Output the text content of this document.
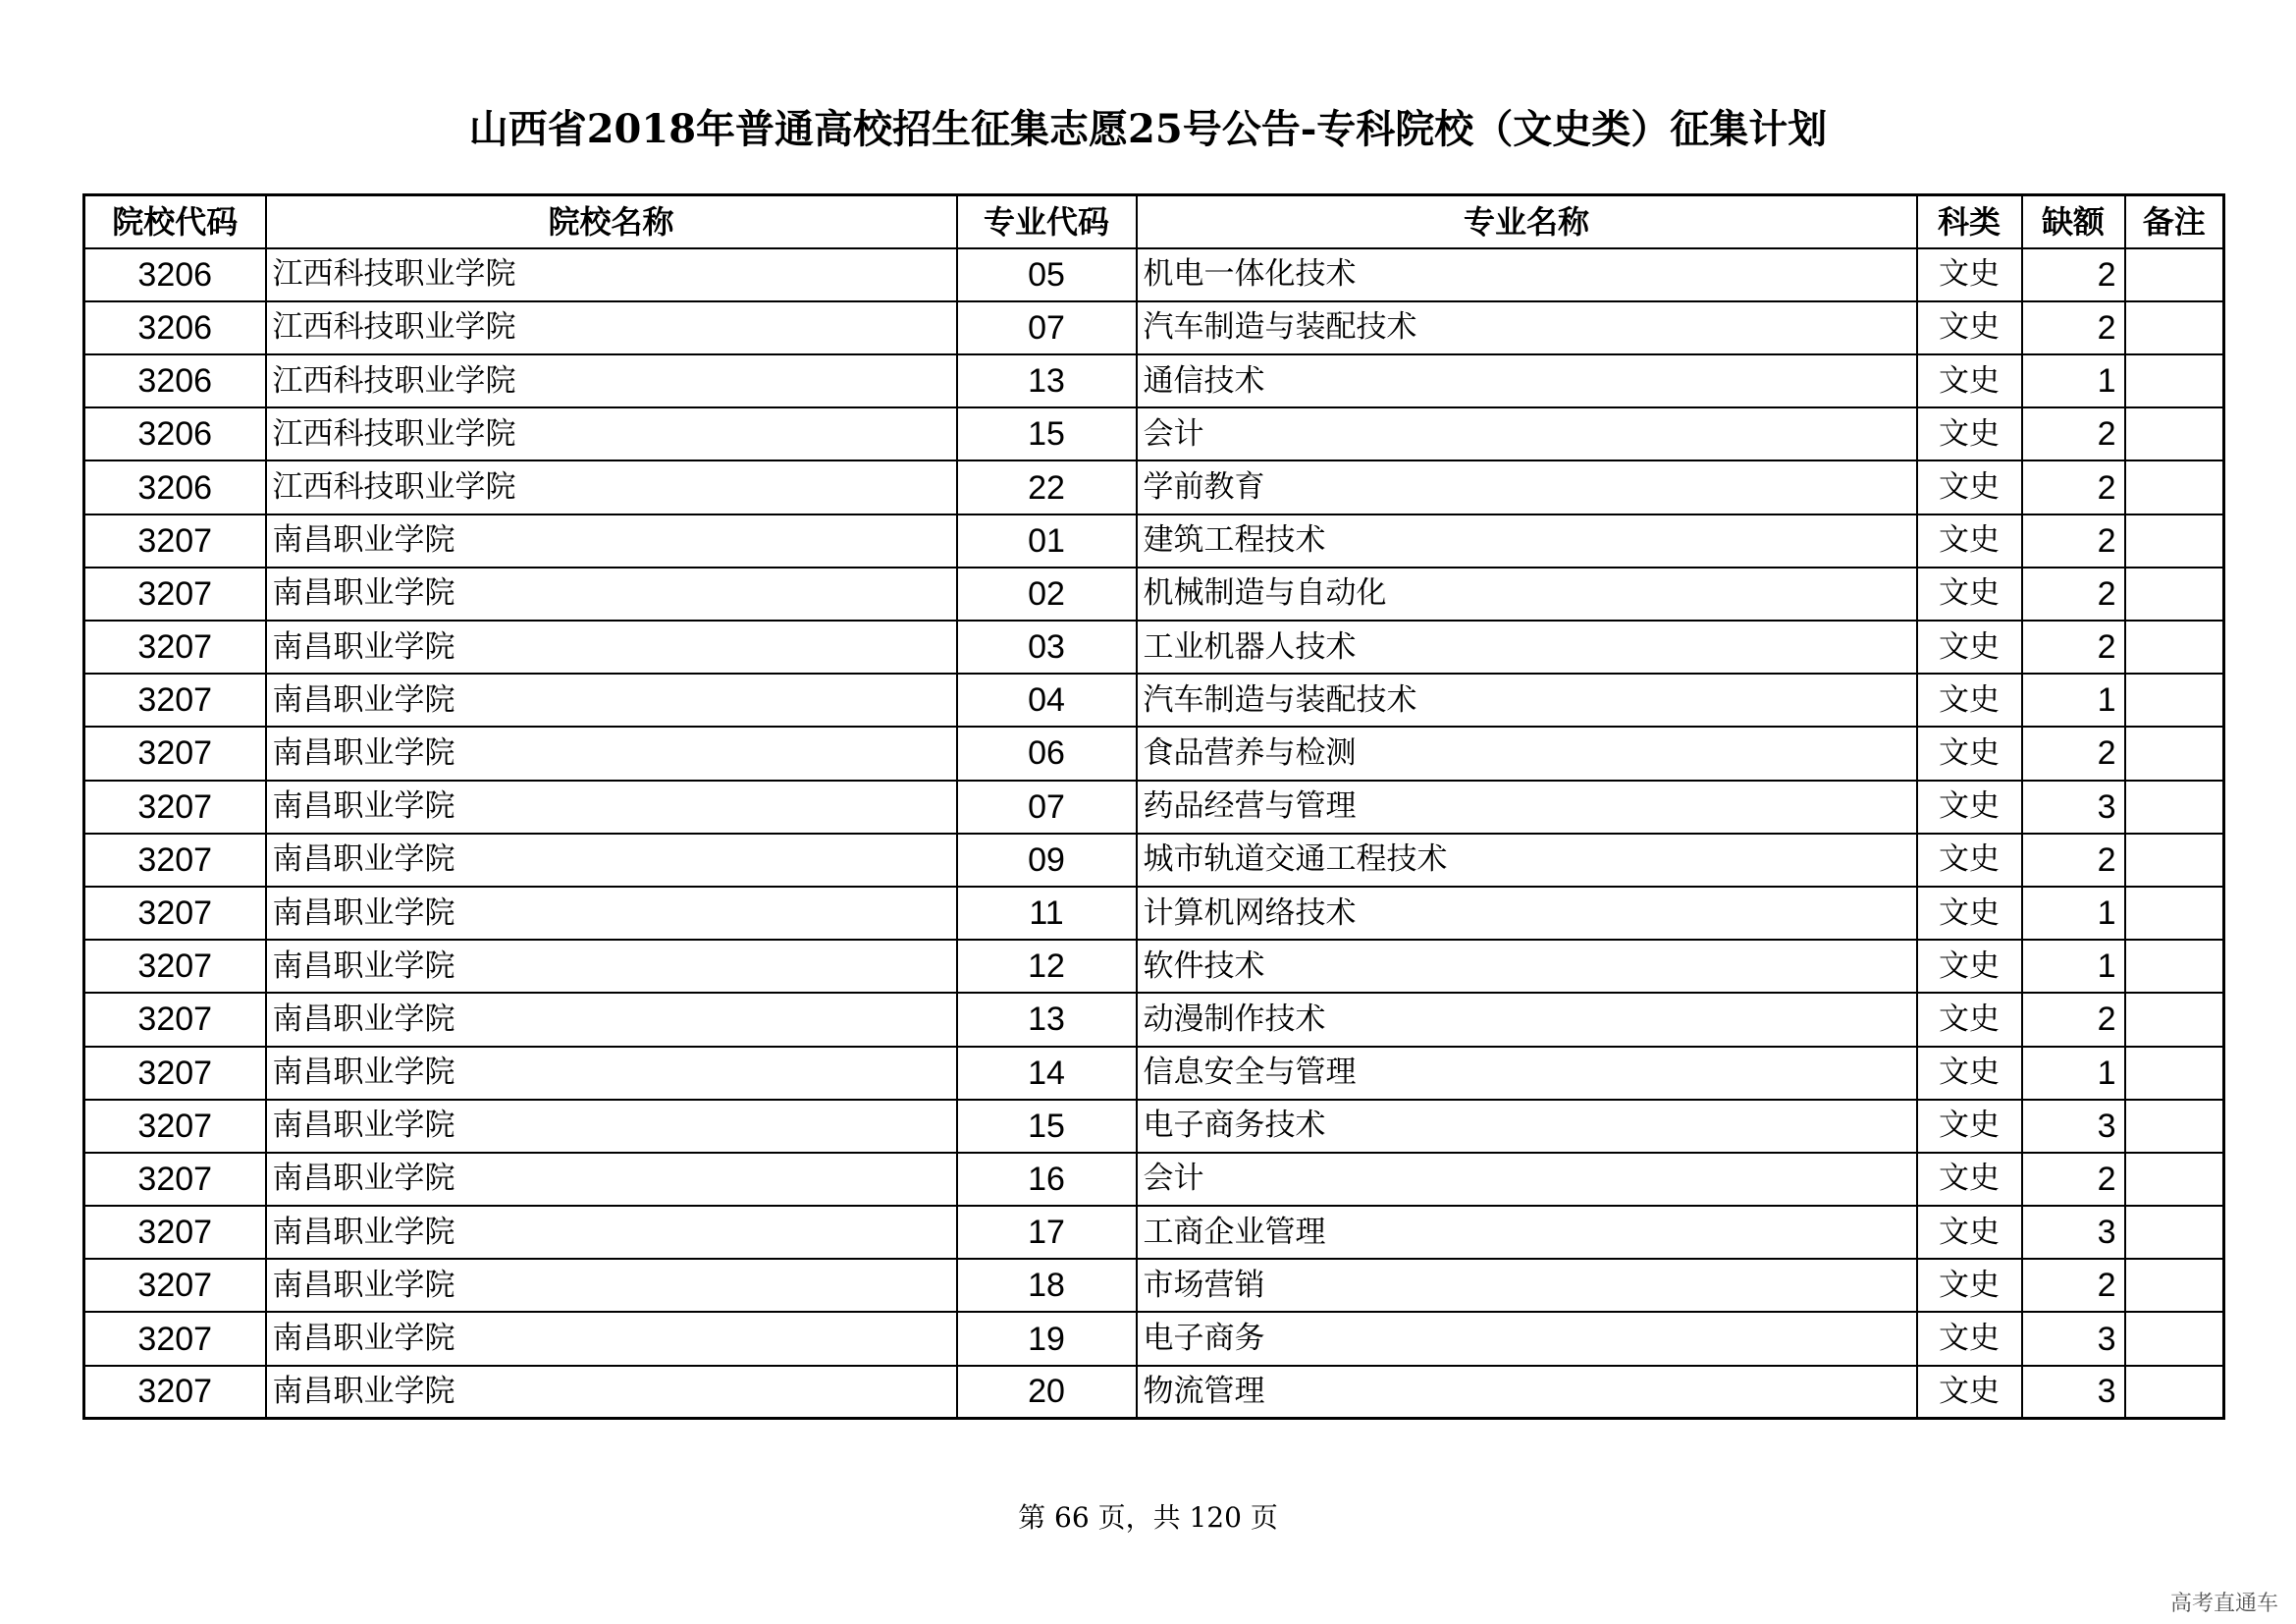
山西省2018年普通高校招生征集志愿25号公告-专科院校（文史类）征集计划
院校代码	院校名称	专业代码	专业名称	科类	缺额	备注
3206	江西科技职业学院	05	机电一体化技术	文史	2	
3206	江西科技职业学院	07	汽车制造与装配技术	文史	2	
3206	江西科技职业学院	13	通信技术	文史	1	
3206	江西科技职业学院	15	会计	文史	2	
3206	江西科技职业学院	22	学前教育	文史	2	
3207	南昌职业学院	01	建筑工程技术	文史	2	
3207	南昌职业学院	02	机械制造与自动化	文史	2	
3207	南昌职业学院	03	工业机器人技术	文史	2	
3207	南昌职业学院	04	汽车制造与装配技术	文史	1	
3207	南昌职业学院	06	食品营养与检测	文史	2	
3207	南昌职业学院	07	药品经营与管理	文史	3	
3207	南昌职业学院	09	城市轨道交通工程技术	文史	2	
3207	南昌职业学院	11	计算机网络技术	文史	1	
3207	南昌职业学院	12	软件技术	文史	1	
3207	南昌职业学院	13	动漫制作技术	文史	2	
3207	南昌职业学院	14	信息安全与管理	文史	1	
3207	南昌职业学院	15	电子商务技术	文史	3	
3207	南昌职业学院	16	会计	文史	2	
3207	南昌职业学院	17	工商企业管理	文史	3	
3207	南昌职业学院	18	市场营销	文史	2	
3207	南昌职业学院	19	电子商务	文史	3	
3207	南昌职业学院	20	物流管理	文史	3	
第 66 页，共 120 页
高考直通车
